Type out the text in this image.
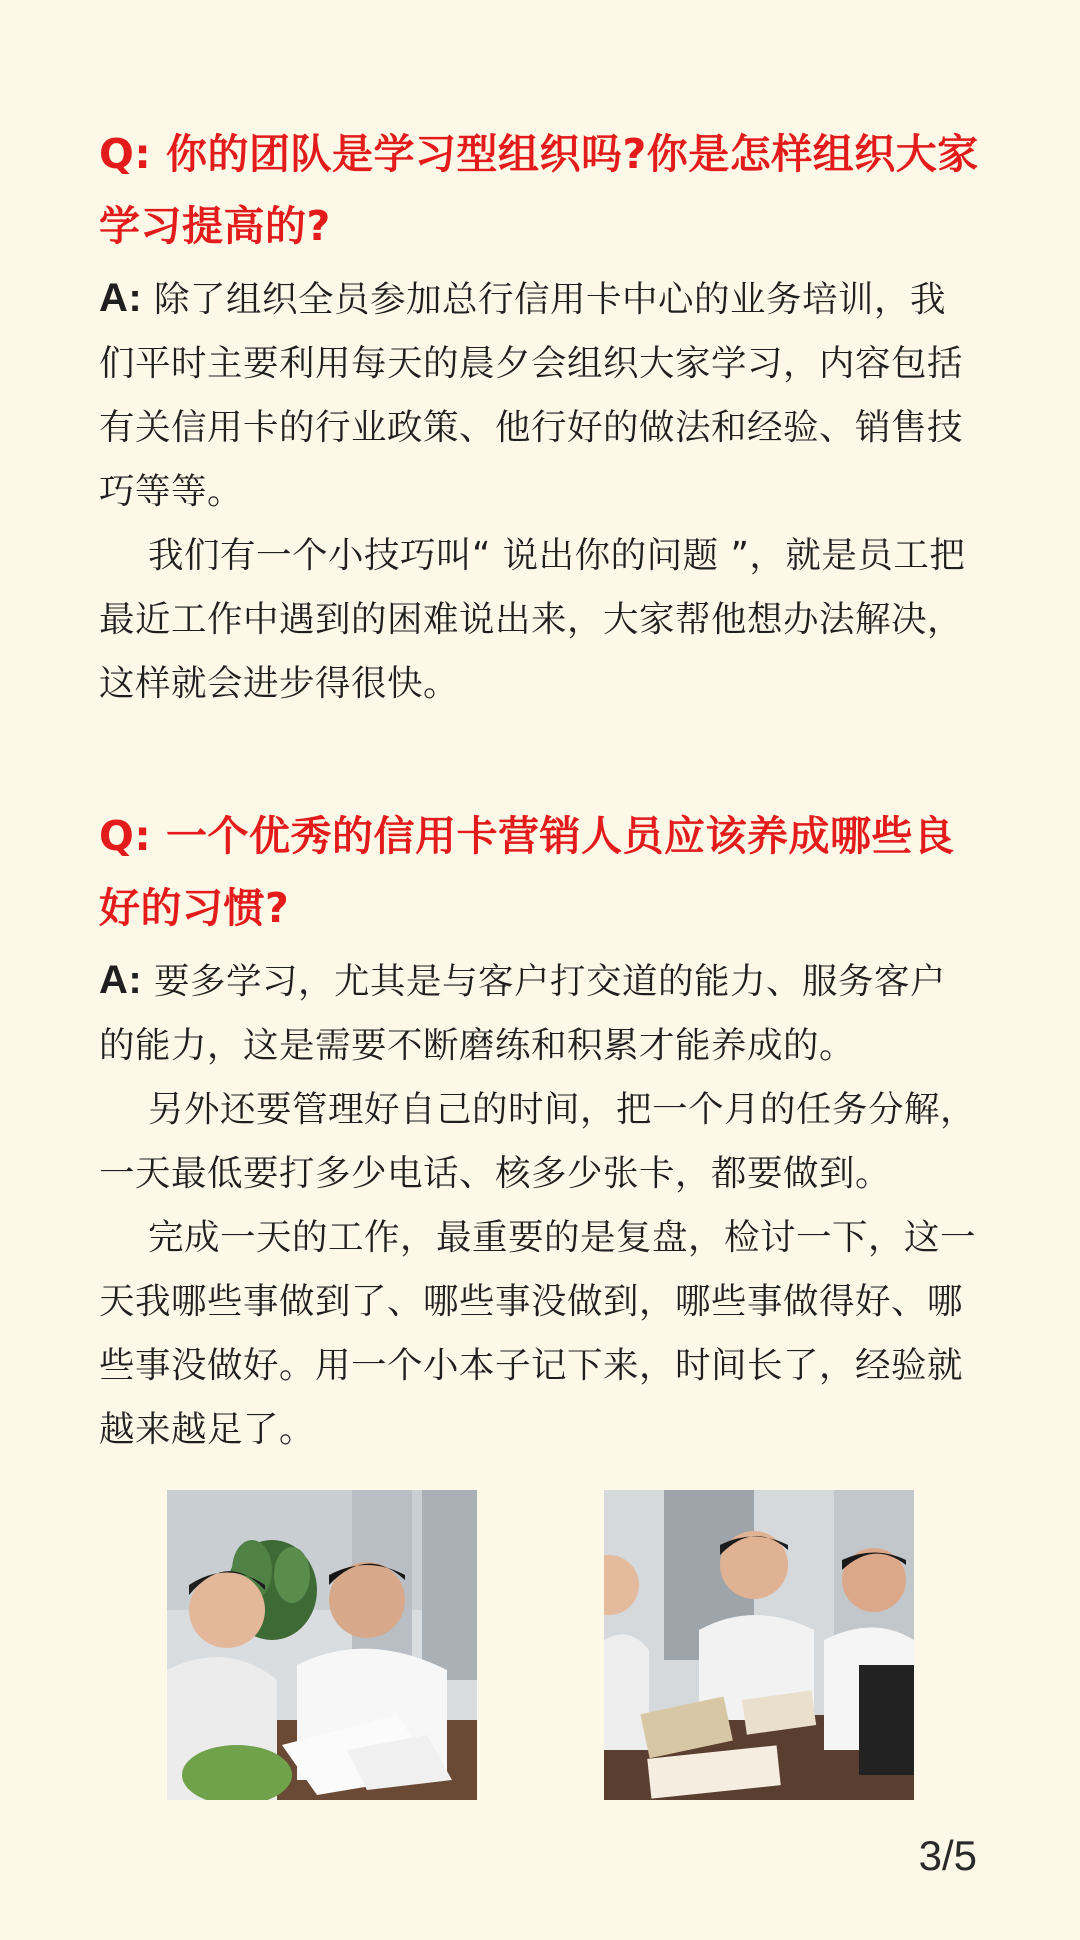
Q: 你的团队是学习型组织吗?你是怎样组织大家学习提高的?

A: 除了组织全员参加总行信用卡中心的业务培训，我们平时主要利用每天的晨夕会组织大家学习，内容包括有关信用卡的行业政策、他行好的做法和经验、销售技巧等等。

我们有一个小技巧叫“ 说出你的问题 ”，就是员工把最近工作中遇到的困难说出来，大家帮他想办法解决，这样就会进步得很快。

Q: 一个优秀的信用卡营销人员应该养成哪些良好的习惯?

A: 要多学习，尤其是与客户打交道的能力、服务客户的能力，这是需要不断磨练和积累才能养成的。

另外还要管理好自己的时间，把一个月的任务分解，一天最低要打多少电话、核多少张卡，都要做到。

完成一天的工作，最重要的是复盘，检讨一下，这一天我哪些事做到了、哪些事没做到，哪些事做得好、哪些事没做好。用一个小本子记下来，时间长了，经验就越来越足了。

3/5
